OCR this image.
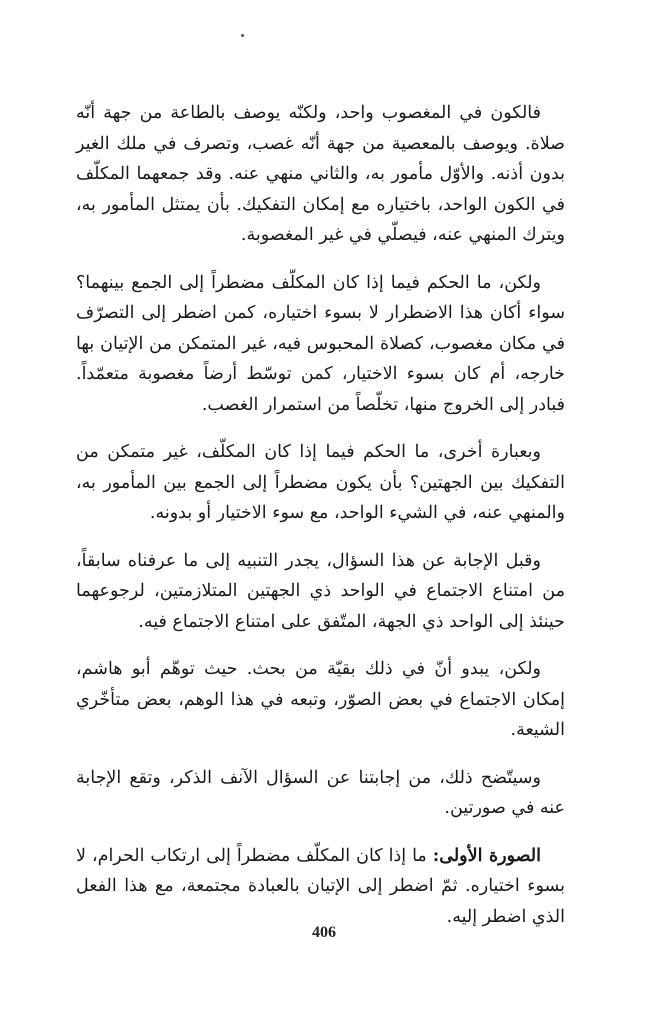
فالكون في المغصوب واحد، ولكنّه يوصف بالطاعة من جهة أنّه صلاة. ويوصف بالمعصية من جهة أنّه غصب، وتصرف في ملك الغير بدون أذنه. والأوّل مأمور به، والثاني منهي عنه. وقد جمعهما المكلّف في الكون الواحد، باختياره مع إمكان التفكيك. بأن يمتثل المأمور به، ويترك المنهي عنه، فيصلّي في غير المغصوبة.

ولكن، ما الحكم فيما إذا كان المكلّف مضطراً إلى الجمع بينهما؟ سواء أكان هذا الاضطرار لا بسوء اختياره، كمن اضطر إلى التصرّف في مكان مغصوب، كصلاة المحبوس فيه، غير المتمكن من الإتيان بها خارجه، أم كان بسوء الاختيار، كمن توسّط أرضاً مغصوبة متعمّداً. فبادر إلى الخروج منها، تخلّصاً من استمرار الغصب.

وبعبارة أخرى، ما الحكم فيما إذا كان المكلّف، غير متمكن من التفكيك بين الجهتين؟ بأن يكون مضطراً إلى الجمع بين المأمور به، والمنهي عنه، في الشيء الواحد، مع سوء الاختيار أو بدونه.

وقبل الإجابة عن هذا السؤال، يجدر التنبيه إلى ما عرفناه سابقاً، من امتناع الاجتماع في الواحد ذي الجهتين المتلازمتين، لرجوعهما حينئذ إلى الواحد ذي الجهة، المتّفق على امتناع الاجتماع فيه.

ولكن، يبدو أنّ في ذلك بقيّة من بحث. حيث توهّم أبو هاشم، إمكان الاجتماع في بعض الصوّر، وتبعه في هذا الوهم، بعض متأخّري الشيعة.

وسيتّضح ذلك، من إجابتنا عن السؤال الآنف الذكر، وتقع الإجابة عنه في صورتين.

الصورة الأولى: ما إذا كان المكلّف مضطراً إلى ارتكاب الحرام، لا بسوء اختياره. ثمّ اضطر إلى الإتيان بالعبادة مجتمعة، مع هذا الفعل الذي اضطر إليه.

406
